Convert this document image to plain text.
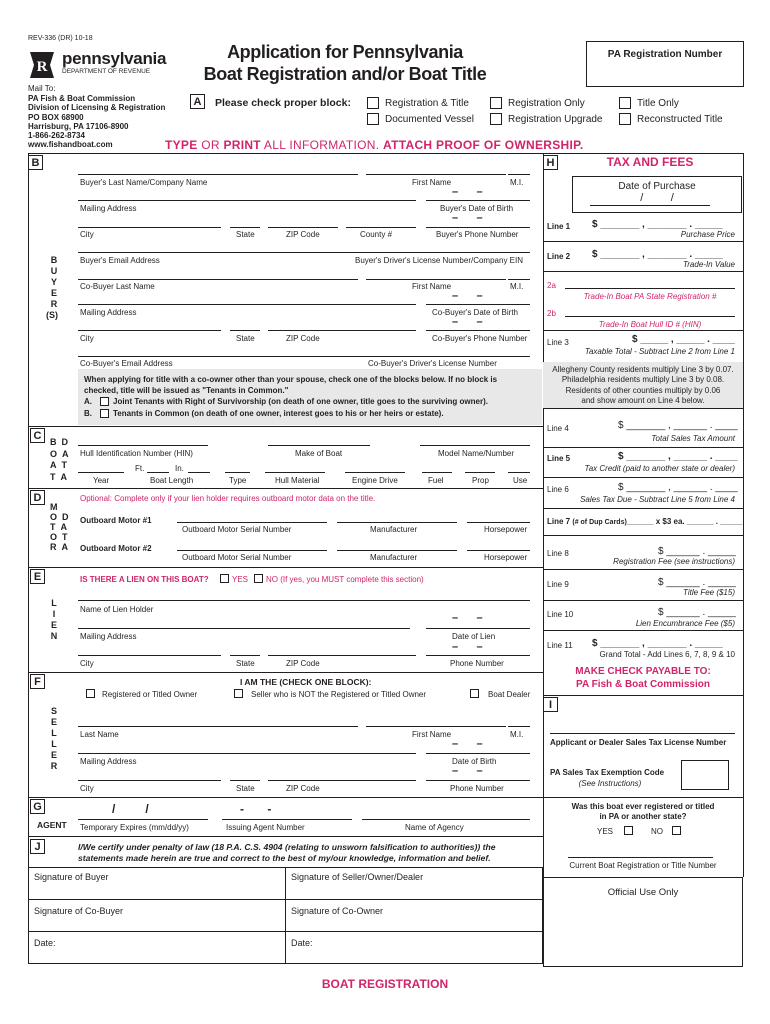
REV-336 (DR) 10-18
R pennsylvania
DEPARTMENT OF REVENUE
Mail To:
PA Fish & Boat Commission
Division of Licensing & Registration
PO BOX 68900
Harrisburg, PA 17106-8900
1-866-262-8734
www.fishandboat.com
Application for Pennsylvania
Boat Registration and/or Boat Title
PA Registration Number
A	Please check proper block:	Registration & Title	Registration Only	Title Only
Documented Vessel	Registration Upgrade	Reconstructed Title
TYPE OR PRINT ALL INFORMATION. ATTACH PROOF OF OWNERSHIP.
B
B
U
Y
E
R
(S)
Buyer's Last Name/Company Name	First Name	M.I.
–      –
Mailing Address	Buyer's Date of Birth
–      –
City	State	ZIP Code	County #	Buyer's Phone Number
Buyer's Email Address	Buyer's Driver's License Number/Company EIN
Co-Buyer Last Name	First Name	M.I.
–      –
Mailing Address	Co-Buyer's Date of Birth
–      –
City	State	ZIP Code	Co-Buyer's Phone Number
Co-Buyer's Email Address	Co-Buyer's Driver's License Number
When applying for title with a co-owner other than your spouse, check one of the blocks below. If no block is
checked, title will be issued as "Tenants in Common."
A.	Joint Tenants with Right of Survivorship (on death of one owner, title goes to the surviving owner).
B.	Tenants in Common (on death of one owner, interest goes to his or her heirs or estate).
C B  D
O  A
A  T
T  A
Hull Identification Number (HIN)	Make of Boat	Model Name/Number
Ft.	In.
Year	Boat Length	Type	Hull Material	Engine Drive	Fuel	Prop	Use
D
M
O  D
T  A
O  T
R  A
Optional: Complete only if your lien holder requires outboard motor data on the title.
Outboard Motor #1
Outboard Motor Serial Number	Manufacturer	Horsepower
Outboard Motor #2
Outboard Motor Serial Number	Manufacturer	Horsepower
E
L
I
E
N
IS THERE A LIEN ON THIS BOAT?	YES NO (If yes, you MUST complete this section)
Name of Lien Holder
–      –
Mailing Address	Date of Lien
–      –
City	State	ZIP Code	Phone Number
F	I AM THE (CHECK ONE BLOCK):
Registered or Titled Owner	Seller who is NOT the Registered or Titled Owner	Boat Dealer
S
E
L
L
E
R
Last Name	First Name	M.I.
–      –
Mailing Address	Date of Birth
–      –
City	State	ZIP Code	Phone Number
G
AGENT
/         /	-       -
Temporary Expires (mm/dd/yy)	Issuing Agent Number	Name of Agency
J	I/We certify under penalty of law (18 P.A. C.S. 4904 (relating to unsworn falsification to authorities)) the
statements made herein are true and correct to the best of my/our knowledge, information and belief.
Signature of Buyer	Signature of Seller/Owner/Dealer
Signature of Co-Buyer	Signature of Co-Owner
Date:	Date:
H	TAX AND FEES
Date of Purchase
/         /
Line 1 $ _______ , _______ . _____
Purchase Price
Line 2 $ _______ , _______ . _____
Trade-In Value
2a
Trade-In Boat PA State Registration #
2b
Trade-In Boat Hull ID # (HIN)
Line 3	$ _____ , _____ . ____
Taxable Total - Subtract Line 2 from Line 1
Allegheny County residents multiply Line 3 by 0.07.
Philadelphia residents multiply Line 3 by 0.08.
Residents of other counties multiply by 0.06
and show amount on Line 4 below.
Line 4	$ _______ , ______ . ____
Total Sales Tax Amount
Line 5	$ _______ , ______ . ____
Tax Credit (paid to another state or dealer)
Line 6	$ _______ , ______ . ____
Sales Tax Due - Subtract Line 5 from Line 4
Line 7 (# of Dup Cards)______ x $3 ea. ______ . _____
Line 8	$ ______ . _____
Registration Fee (see instructions)
Line 9	$ ______ . _____
Title Fee ($15)
Line 10	$ ______ . _____
Lien Encumbrance Fee ($5)
Line 11 $ _______ , _______ . _____
Grand Total - Add Lines 6, 7, 8, 9 & 10
MAKE CHECK PAYABLE TO:
PA Fish & Boat Commission
I
Applicant or Dealer Sales Tax License Number
PA Sales Tax Exemption Code
(See Instructions)
Was this boat ever registered or titled
in PA or another state?
YES	NO
Current Boat Registration or Title Number
Official Use Only
BOAT REGISTRATION
